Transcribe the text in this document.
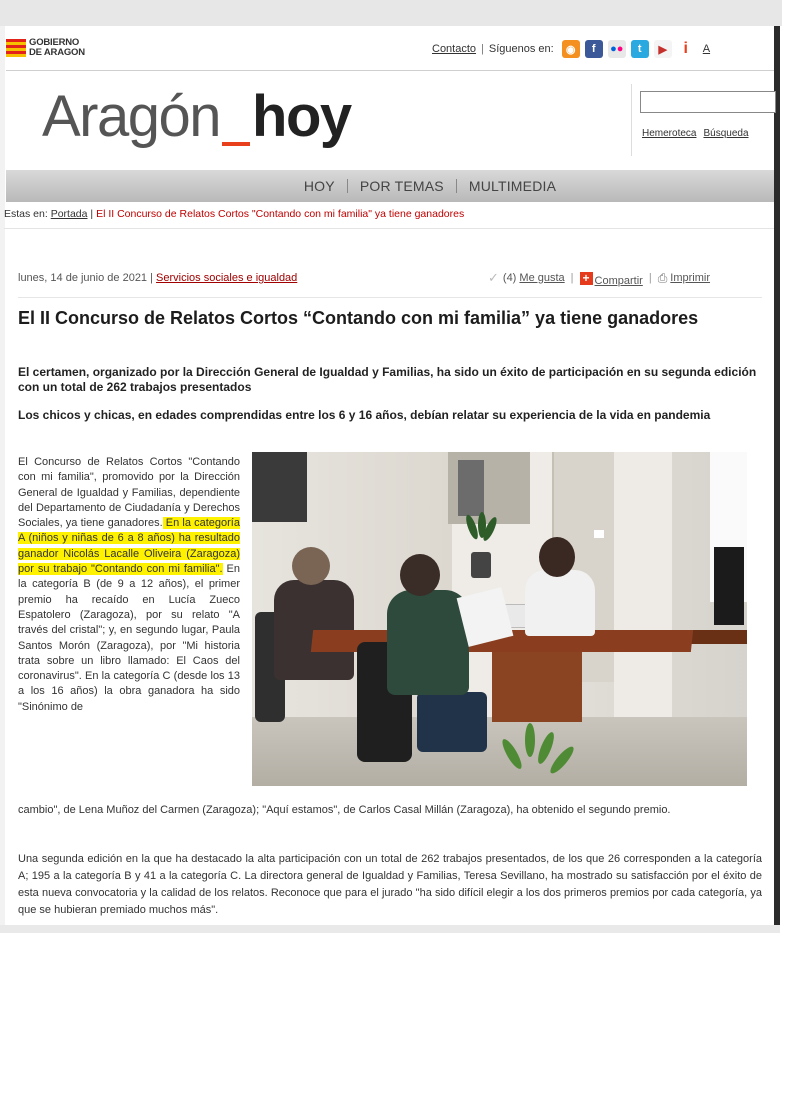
GOBIERNO
DE ARAGON	Contacto | Síguenos en:	◉	f	● ●	t	▶	i	A
Aragón hoy	Hemeroteca Búsqueda
HOY POR TEMAS MULTIMEDIA
Estas en: Portada | El II Concurso de Relatos Cortos "Contando con mi familia" ya tiene ganadores
lunes, 14 de junio de 2021 | Servicios sociales e igualdad	✓ (4)
Me gusta | + Compartir | ⎙ Imprimir
El II Concurso de Relatos Cortos “Contando con mi familia” ya tiene ganadores

El certamen, organizado por la Dirección General de Igualdad y Familias, ha sido un éxito de participación en su segunda edición con un total de 262 trabajos presentados

Los chicos y chicas, en edades comprendidas entre los 6 y 16 años, debían relatar su experiencia de la vida en pandemia

El Concurso de Relatos Cortos "Contando con mi familia", promovido por la Dirección General de Igualdad y Familias, dependiente del Departamento de Ciudadanía y Derechos Sociales, ya tiene ganadores. En la categoría A (niños y niñas de 6 a 8 años) ha resultado ganador Nicolás Lacalle Oliveira (Zaragoza) por su trabajo "Contando con mi familia". En la categoría B (de 9 a 12 años), el primer premio ha recaído en Lucía Zueco Espatolero (Zaragoza), por su relato "A través del cristal"; y, en segundo lugar, Paula Santos Morón (Zaragoza), por "Mi historia trata sobre un libro llamado: El Caos del coronavirus". En la categoría C (desde los 13 a los 16 años) la obra ganadora ha sido "Sinónimo de

cambio", de Lena Muñoz del Carmen (Zaragoza); "Aquí estamos", de Carlos Casal Millán (Zaragoza), ha obtenido el segundo premio.

Una segunda edición en la que ha destacado la alta participación con un total de 262 trabajos presentados, de los que 26 corresponden a la categoría A; 195 a la categoría B y 41 a la categoría C. La directora general de Igualdad y Familias, Teresa Sevillano, ha mostrado su satisfacción por el éxito de esta nueva convocatoria y la calidad de los relatos. Reconoce que para el jurado "ha sido difícil elegir a los dos primeros premios por cada categoría, ya que se hubieran premiado muchos más".
